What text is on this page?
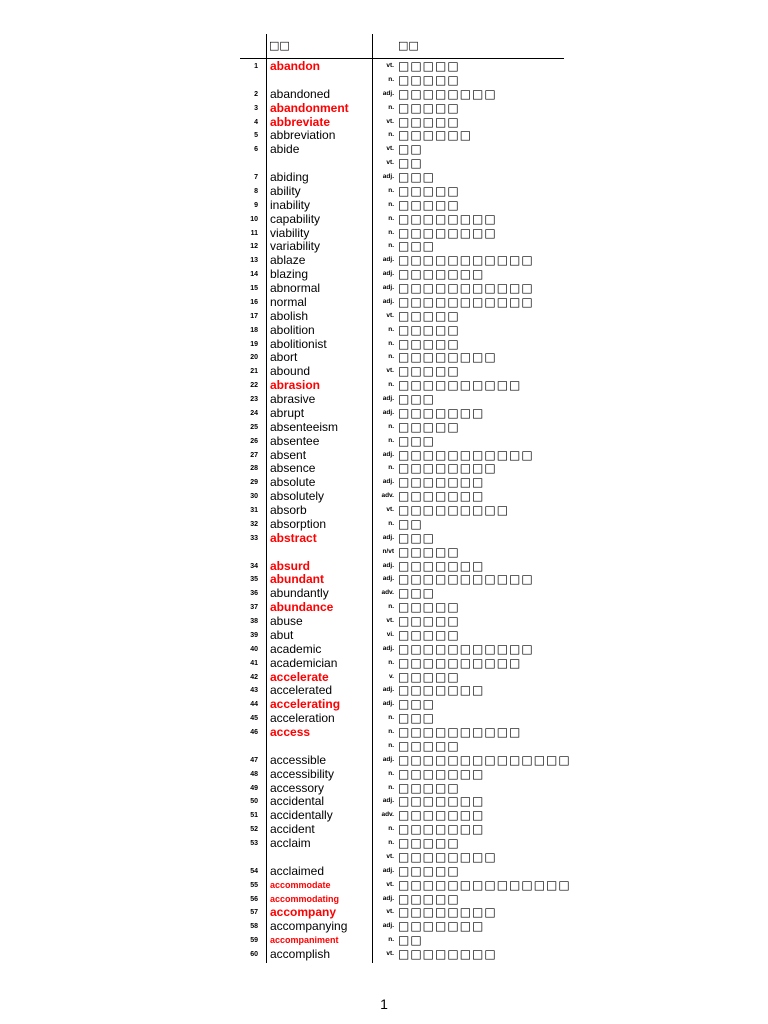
□□	□□
1 abandon	vt. □□□□□
n. □□□□□
2 abandoned	adj. □□□□□□□□
3 abandonment	n. □□□□□
4 abbreviate	vt. □□□□□
5 abbreviation	n. □□□□□□
6 abide	vt. □□
vt. □□
7 abiding	adj. □□□
8 ability	n. □□□□□
9 inability	n. □□□□□
10 capability	n. □□□□□□□□
11 viability	n. □□□□□□□□
12 variability	n. □□□
13 ablaze	adj. □□□□□□□□□□□
14 blazing	adj. □□□□□□□
15 abnormal	adj. □□□□□□□□□□□
16 normal	adj. □□□□□□□□□□□
17 abolish	vt. □□□□□
18 abolition	n. □□□□□
19 abolitionist	n. □□□□□
20 abort	n. □□□□□□□□
21 abound	vt. □□□□□
22 abrasion	n. □□□□□□□□□□
23 abrasive	adj. □□□
24 abrupt	adj. □□□□□□□
25 absenteeism	n. □□□□□
26 absentee	n. □□□
27 absent	adj. □□□□□□□□□□□
28 absence	n. □□□□□□□□
29 absolute	adj. □□□□□□□
30 absolutely	adv. □□□□□□□
31 absorb	vt. □□□□□□□□□
32 absorption	n. □□
33 abstract	adj. □□□
n/vt □□□□□
34 absurd	adj. □□□□□□□
35 abundant	adj. □□□□□□□□□□□
36 abundantly	adv. □□□
37 abundance	n. □□□□□
38 abuse	vt. □□□□□
39 abut	vi. □□□□□
40 academic	adj. □□□□□□□□□□□
41 academician	n. □□□□□□□□□□
42 accelerate	v. □□□□□
43 accelerated	adj. □□□□□□□
44 accelerating	adj. □□□
45 acceleration	n. □□□
46 access	n. □□□□□□□□□□
n. □□□□□
47 accessible	adj. □□□□□□□□□□□□□□
48 accessibility	n. □□□□□□□
49 accessory	n. □□□□□
50 accidental	adj. □□□□□□□
51 accidentally	adv. □□□□□□□
52 accident	n. □□□□□□□
53 acclaim	n. □□□□□
vt. □□□□□□□□
54 acclaimed	adj. □□□□□
55 accommodate	vt. □□□□□□□□□□□□□□
56 accommodating	adj. □□□□□
57 accompany	vt. □□□□□□□□
58 accompanying	adj. □□□□□□□
59 accompaniment	n. □□
60 accomplish	vt. □□□□□□□□
1
